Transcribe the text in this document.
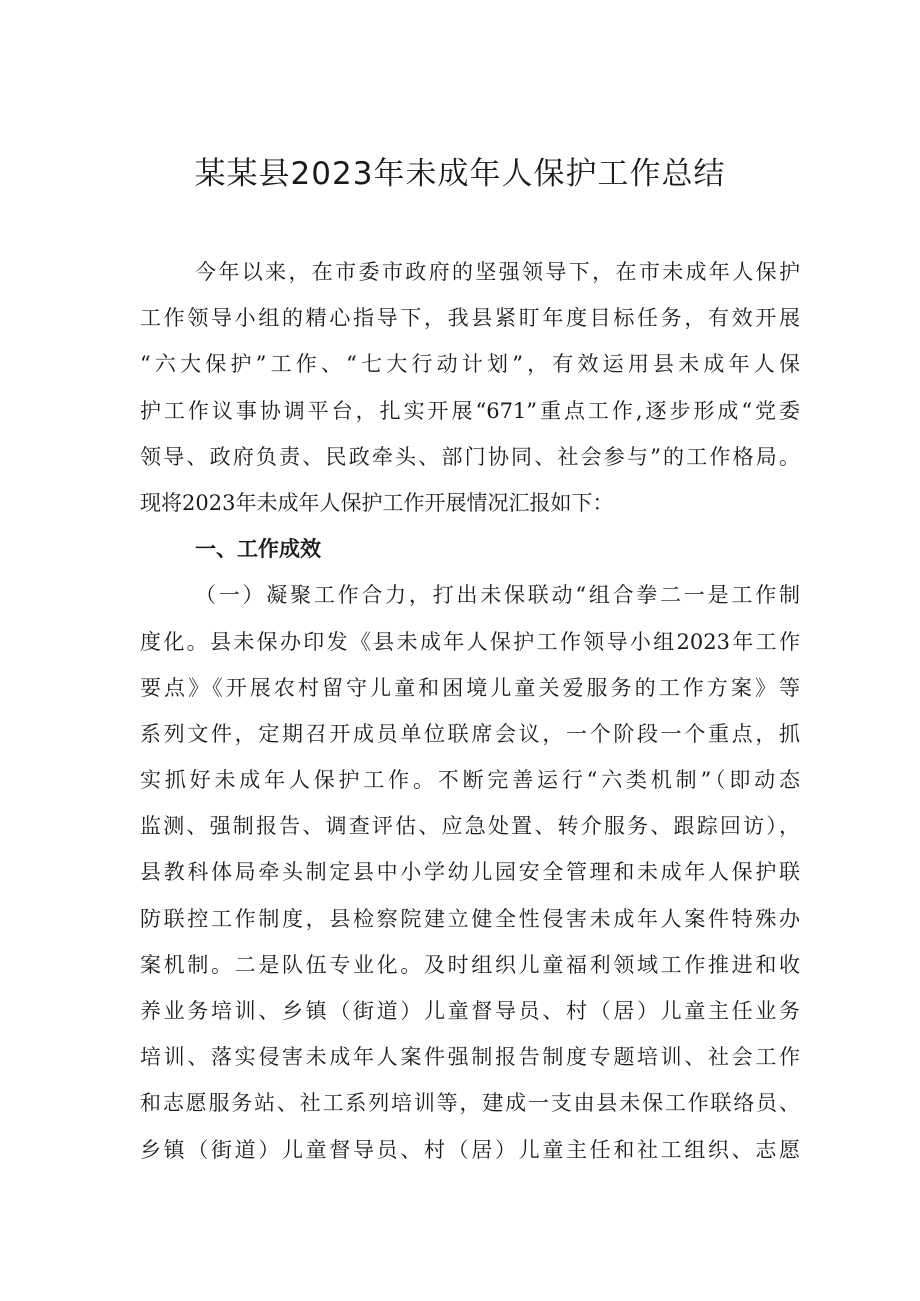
某某县2023年未成年人保护工作总结
今年以来，在市委市政府的坚强领导下，在市未成年人保护
工作领导小组的精心指导下，我县紧盯年度目标任务，有效开展
“六大保护”工作、“七大行动计划”，有效运用县未成年人保
护工作议事协调平台，扎实开展“671”重点工作,逐步形成“党委
领导、政府负责、民政牵头、部门协同、社会参与”的工作格局。
现将2023年未成年人保护工作开展情况汇报如下：
一、工作成效
（一）凝聚工作合力，打出未保联动“组合拳二一是工作制
度化。县未保办印发《县未成年人保护工作领导小组2023年工作
要点》《开展农村留守儿童和困境儿童关爱服务的工作方案》等
系列文件，定期召开成员单位联席会议，一个阶段一个重点，抓
实抓好未成年人保护工作。不断完善运行“六类机制”（即动态
监测、强制报告、调查评估、应急处置、转介服务、跟踪回访），
县教科体局牵头制定县中小学幼儿园安全管理和未成年人保护联
防联控工作制度，县检察院建立健全性侵害未成年人案件特殊办
案机制。二是队伍专业化。及时组织儿童福利领域工作推进和收
养业务培训、乡镇（街道）儿童督导员、村（居）儿童主任业务
培训、落实侵害未成年人案件强制报告制度专题培训、社会工作
和志愿服务站、社工系列培训等，建成一支由县未保工作联络员、
乡镇（街道）儿童督导员、村（居）儿童主任和社工组织、志愿
